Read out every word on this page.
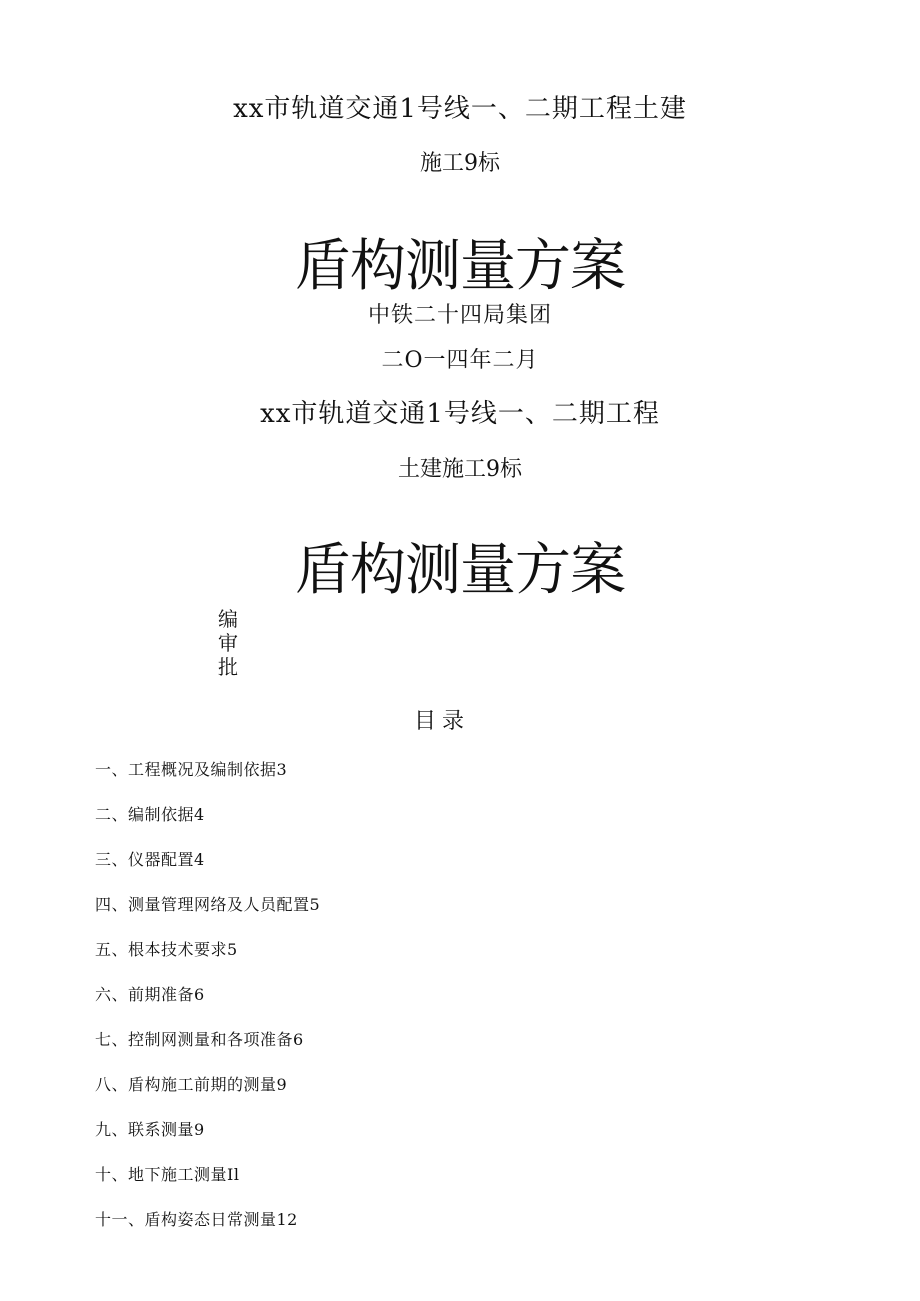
xx市轨道交通1号线一、二期工程土建
施工9标
盾构测量方案
中铁二十四局集团
二O一四年二月
xx市轨道交通1号线一、二期工程
土建施工9标
盾构测量方案
编
审
批
目录
一、工程概况及编制依据3
二、编制依据4
三、仪器配置4
四、测量管理网络及人员配置5
五、根本技术要求5
六、前期准备6
七、控制网测量和各项准备6
八、盾构施工前期的测量9
九、联系测量9
十、地下施工测量Il
十一、盾构姿态日常测量12
